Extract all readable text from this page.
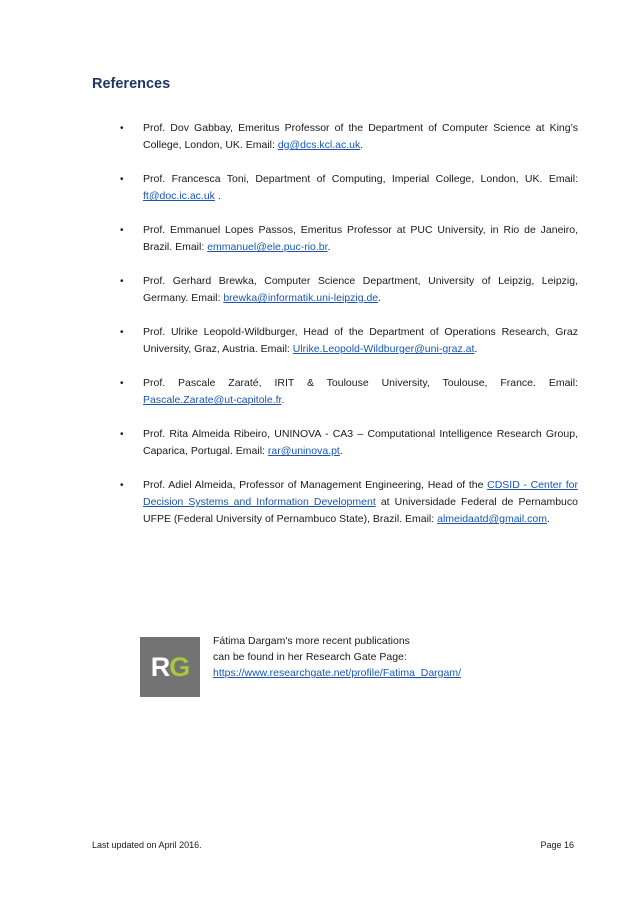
References
• Prof. Dov Gabbay, Emeritus Professor of the Department of Computer Science at King’s College, London, UK. Email: dg@dcs.kcl.ac.uk.
• Prof. Francesca Toni, Department of Computing, Imperial College, London, UK. Email: ft@doc.ic.ac.uk .
• Prof. Emmanuel Lopes Passos, Emeritus Professor at PUC University, in Rio de Janeiro, Brazil. Email: emmanuel@ele.puc-rio.br.
• Prof. Gerhard Brewka, Computer Science Department, University of Leipzig, Leipzig, Germany. Email: brewka@informatik.uni-leipzig.de.
• Prof. Ulrike Leopold-Wildburger, Head of the Department of Operations Research, Graz University, Graz, Austria. Email: Ulrike.Leopold-Wildburger@uni-graz.at.
• Prof. Pascale Zaraté, IRIT & Toulouse University, Toulouse, France. Email: Pascale.Zarate@ut-capitole.fr.
• Prof. Rita Almeida Ribeiro, UNINOVA - CA3 – Computational Intelligence Research Group, Caparica, Portugal. Email: rar@uninova.pt.
• Prof. Adiel Almeida, Professor of Management Engineering, Head of the CDSID - Center for Decision Systems and Information Development at Universidade Federal de Pernambuco UFPE (Federal University of Pernambuco State), Brazil. Email: almeidaatd@gmail.com.
R G
Fátima Dargam's more recent publications
can be found in her Research Gate Page:
https://www.researchgate.net/profile/Fatima_Dargam/
Last updated on April 2016.	Page 16
